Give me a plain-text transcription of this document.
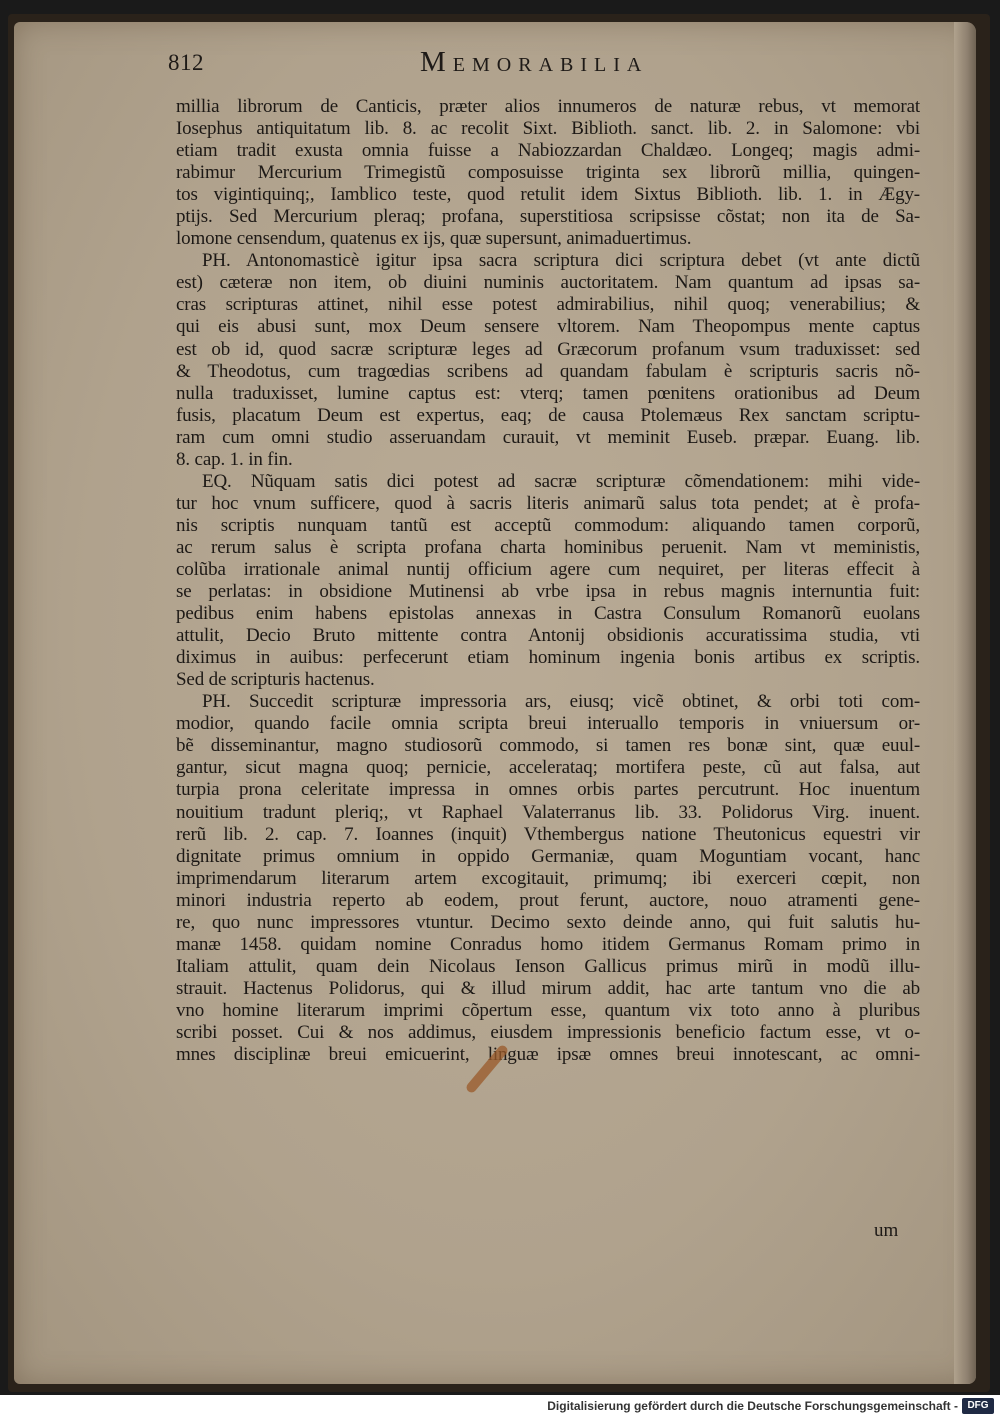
812	Memorabilia
millia librorum de Canticis, præter alios innumeros de naturæ rebus, vt memorat
Iosephus antiquitatum lib. 8. ac recolit Sixt. Biblioth. sanct. lib. 2. in Salomone: vbi
etiam tradit exusta omnia fuisse a Nabiozzardan Chaldæo. Longeq; magis admi-
rabimur Mercurium Trimegistũ composuisse triginta sex librorũ millia, quingen-
tos vigintiquinq;, Iamblico teste, quod retulit idem Sixtus Biblioth. lib. 1. in Ægy-
ptijs. Sed Mercurium pleraq; profana, superstitiosa scripsisse cõstat; non ita de Sa-
lomone censendum, quatenus ex ijs, quæ supersunt, animaduertimus.
PH. Antonomasticè igitur ipsa sacra scriptura dici scriptura debet (vt ante dictũ
est) cæteræ non item, ob diuini numinis auctoritatem. Nam quantum ad ipsas sa-
cras scripturas attinet, nihil esse potest admirabilius, nihil quoq; venerabilius; &
qui eis abusi sunt, mox Deum sensere vltorem. Nam Theopompus mente captus
est ob id, quod sacræ scripturæ leges ad Græcorum profanum vsum traduxisset: sed
& Theodotus, cum tragœdias scribens ad quandam fabulam è scripturis sacris nõ-
nulla traduxisset, lumine captus est: vterq; tamen pœnitens orationibus ad Deum
fusis, placatum Deum est expertus, eaq; de causa Ptolemæus Rex sanctam scriptu-
ram cum omni studio asseruandam curauit, vt meminit Euseb. præpar. Euang. lib.
8. cap. 1. in fin.
EQ. Nũquam satis dici potest ad sacræ scripturæ cõmendationem: mihi vide-
tur hoc vnum sufficere, quod à sacris literis animarũ salus tota pendet; at è profa-
nis scriptis nunquam tantũ est acceptũ commodum: aliquando tamen corporũ,
ac rerum salus è scripta profana charta hominibus peruenit. Nam vt meministis,
colũba irrationale animal nuntij officium agere cum nequiret, per literas effecit à
se perlatas: in obsidione Mutinensi ab vrbe ipsa in rebus magnis internuntia fuit:
pedibus enim habens epistolas annexas in Castra Consulum Romanorũ euolans
attulit, Decio Bruto mittente contra Antonij obsidionis accuratissima studia, vti
diximus in auibus: perfecerunt etiam hominum ingenia bonis artibus ex scriptis.
Sed de scripturis hactenus.
PH. Succedit scripturæ impressoria ars, eiusq; vicẽ obtinet, & orbi toti com-
modior, quando facile omnia scripta breui interuallo temporis in vniuersum or-
bẽ disseminantur, magno studiosorũ commodo, si tamen res bonæ sint, quæ euul-
gantur, sicut magna quoq; pernicie, accelerataq; mortifera peste, cũ aut falsa, aut
turpia prona celeritate impressa in omnes orbis partes percutrunt. Hoc inuentum
nouitium tradunt pleriq;, vt Raphael Valaterranus lib. 33. Polidorus Virg. inuent.
rerũ lib. 2. cap. 7. Ioannes (inquit) Vthembergus natione Theutonicus equestri vir
dignitate primus omnium in oppido Germaniæ, quam Moguntiam vocant, hanc
imprimendarum literarum artem excogitauit, primumq; ibi exerceri cœpit, non
minori industria reperto ab eodem, prout ferunt, auctore, nouo atramenti gene-
re, quo nunc impressores vtuntur. Decimo sexto deinde anno, qui fuit salutis hu-
manæ 1458. quidam nomine Conradus homo itidem Germanus Romam primo in
Italiam attulit, quam dein Nicolaus Ienson Gallicus primus mirũ in modũ illu-
strauit. Hactenus Polidorus, qui & illud mirum addit, hac arte tantum vno die ab
vno homine literarum imprimi cõpertum esse, quantum vix toto anno à pluribus
scribi posset. Cui & nos addimus, eiusdem impressionis beneficio factum esse, vt o-
mnes disciplinæ breui emicuerint, linguæ ipsæ omnes breui innotescant, ac omni-
um
Digitalisierung gefördert durch die Deutsche Forschungsgemeinschaft - DFG
